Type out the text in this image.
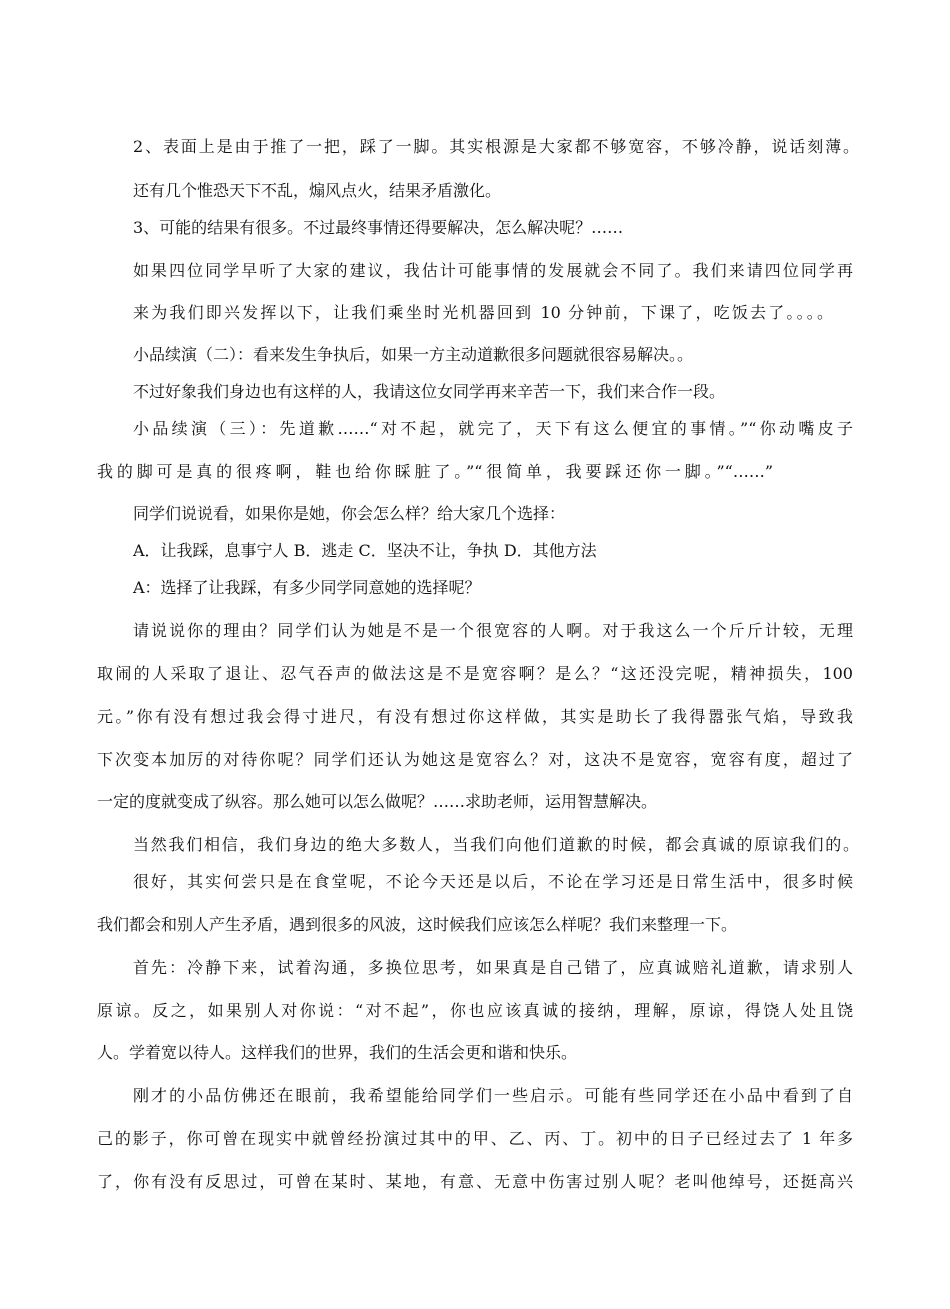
2、表面上是由于推了一把，踩了一脚。其实根源是大家都不够宽容，不够冷静，说话刻薄。
还有几个惟恐天下不乱，煽风点火，结果矛盾激化。
3、可能的结果有很多。不过最终事情还得要解决，怎么解决呢？……
如果四位同学早听了大家的建议，我估计可能事情的发展就会不同了。我们来请四位同学再
来为我们即兴发挥以下，让我们乘坐时光机器回到 10 分钟前，下课了，吃饭去了。。。。
小品续演（二）：看来发生争执后，如果一方主动道歉很多问题就很容易解决。。
不过好象我们身边也有这样的人，我请这位女同学再来辛苦一下，我们来合作一段。
小品续演（三）：先道歉……“对不起，就完了，天下有这么便宜的事情。”“你动嘴皮子
我的脚可是真的很疼啊，鞋也给你睬脏了。”“很简单，我要踩还你一脚。”“……”
同学们说说看，如果你是她，你会怎么样？给大家几个选择：
A．让我踩，息事宁人 B．逃走 C．坚决不让，争执 D．其他方法
A：选择了让我踩，有多少同学同意她的选择呢？
请说说你的理由？同学们认为她是不是一个很宽容的人啊。对于我这么一个斤斤计较，无理
取闹的人采取了退让、忍气吞声的做法这是不是宽容啊？是么？“这还没完呢，精神损失，100
元。”你有没有想过我会得寸进尺，有没有想过你这样做，其实是助长了我得嚣张气焰，导致我
下次变本加厉的对待你呢？同学们还认为她这是宽容么？对，这决不是宽容，宽容有度，超过了
一定的度就变成了纵容。那么她可以怎么做呢？……求助老师，运用智慧解决。
当然我们相信，我们身边的绝大多数人，当我们向他们道歉的时候，都会真诚的原谅我们的。
很好，其实何尝只是在食堂呢，不论今天还是以后，不论在学习还是日常生活中，很多时候
我们都会和别人产生矛盾，遇到很多的风波，这时候我们应该怎么样呢？我们来整理一下。
首先：冷静下来，试着沟通，多换位思考，如果真是自己错了，应真诚赔礼道歉，请求别人
原谅。反之，如果别人对你说：“对不起”，你也应该真诚的接纳，理解，原谅，得饶人处且饶
人。学着宽以待人。这样我们的世界，我们的生活会更和谐和快乐。
刚才的小品仿佛还在眼前，我希望能给同学们一些启示。可能有些同学还在小品中看到了自
己的影子，你可曾在现实中就曾经扮演过其中的甲、乙、丙、丁。初中的日子已经过去了 1 年多
了，你有没有反思过，可曾在某时、某地，有意、无意中伤害过别人呢？老叫他绰号，还挺高兴
